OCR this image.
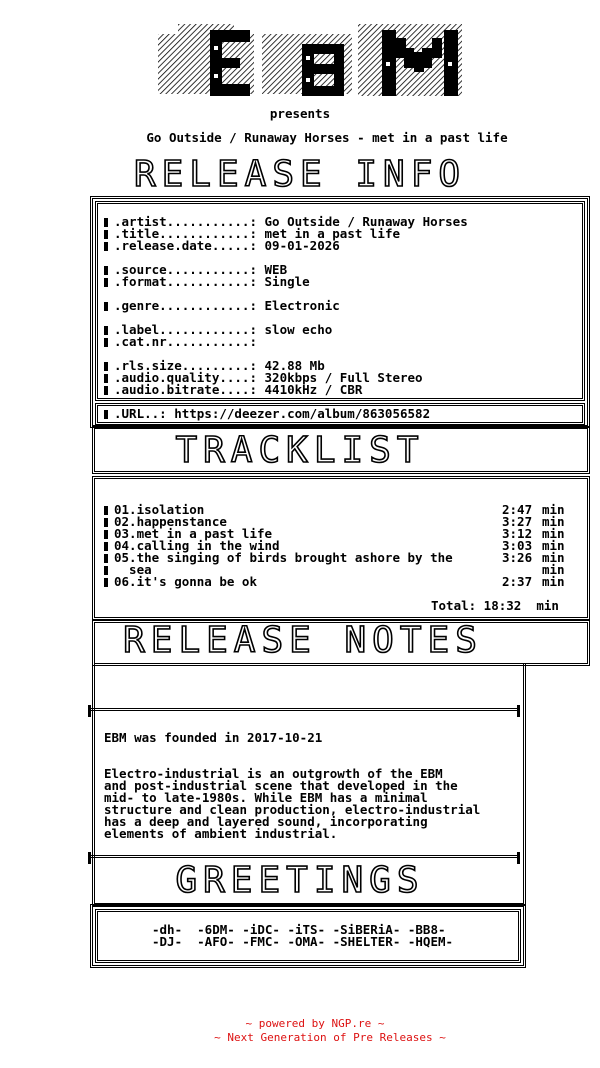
presents
Go Outside / Runaway Horses - met in a past life
RELEASE INFO
.artist...........: Go Outside / Runaway Horses
.title............: met in a past life
.release.date.....: 09-01-2026
.source...........: WEB
.format...........: Single
.genre............: Electronic
.label............: slow echo
.cat.nr...........:
.rls.size.........: 42.88 Mb
.audio.quality....: 320kbps / Full Stereo
.audio.bitrate....: 4410kHz / CBR
.URL..: https://deezer.com/album/863056582
TRACKLIST
01.isolation	2:47 min
02.happenstance	3:27 min
03.met in a past life	3:12 min
04.calling in the wind	3:03 min
05.the singing of birds brought ashore by the	3:26 min
sea	min
06.it's gonna be ok	2:37 min
Total: 18:32  min
RELEASE NOTES
EBM was founded in 2017-10-21
Electro-industrial is an outgrowth of the EBM
and post-industrial scene that developed in the
mid- to late-1980s. While EBM has a minimal
structure and clean production, electro-industrial
has a deep and layered sound, incorporating
elements of ambient industrial.
GREETINGS
-dh-  -6DM- -iDC- -iTS- -SiBERiA- -BB8-
-DJ-  -AFO- -FMC- -OMA- -SHELTER- -HQEM-
~ powered by NGP.re ~
~ Next Generation of Pre Releases ~
